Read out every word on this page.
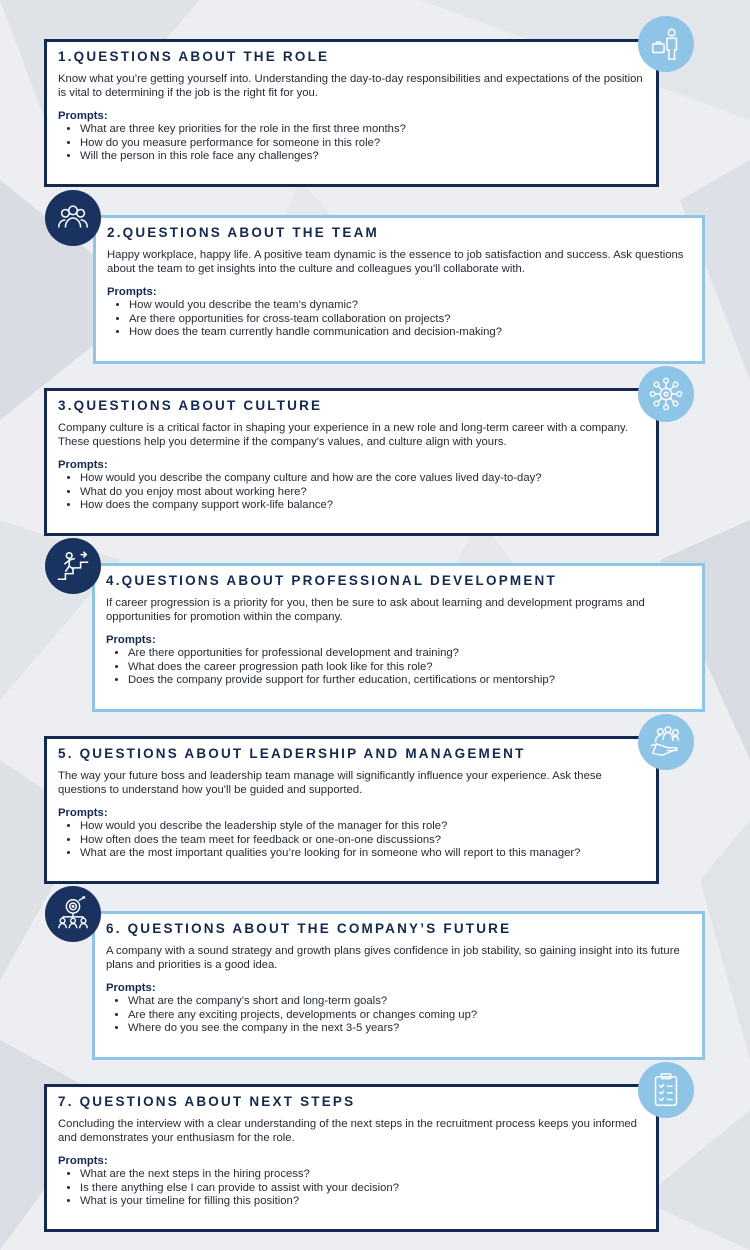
1.QUESTIONS ABOUT THE ROLE

Know what you’re getting yourself into. Understanding the day-to-day responsibilities and expectations of the position is vital to determining if the job is the right fit for you.

Prompts:
• What are three key priorities for the role in the first three months?
• How do you measure performance for someone in this role?
• Will the person in this role face any challenges?
2.QUESTIONS ABOUT THE TEAM

Happy workplace, happy life. A positive team dynamic is the essence to job satisfaction and success. Ask questions about the team to get insights into the culture and colleagues you'll collaborate with.

Prompts:
• How would you describe the team’s dynamic?
• Are there opportunities for cross-team collaboration on projects?
• How does the team currently handle communication and decision-making?
3.QUESTIONS ABOUT CULTURE

Company culture is a critical factor in shaping your experience in a new role and long-term career with a company. These questions help you determine if the company's values, and culture align with yours.

Prompts:
• How would you describe the company culture and how are the core values lived day-to-day?
• What do you enjoy most about working here?
• How does the company support work-life balance?
4.QUESTIONS ABOUT PROFESSIONAL DEVELOPMENT

If career progression is a priority for you, then be sure to ask about learning and development programs and opportunities for promotion within the company.

Prompts:
• Are there opportunities for professional development and training?
• What does the career progression path look like for this role?
• Does the company provide support for further education, certifications or mentorship?
5. QUESTIONS ABOUT LEADERSHIP AND MANAGEMENT

The way your future boss and leadership team manage will significantly influence your experience. Ask these questions to understand how you'll be guided and supported.

Prompts:
• How would you describe the leadership style of the manager for this role?
• How often does the team meet for feedback or one-on-one discussions?
• What are the most important qualities you’re looking for in someone who will report to this manager?
6. QUESTIONS ABOUT THE COMPANY’S FUTURE

A company with a sound strategy and growth plans gives confidence in job stability, so gaining insight into its future plans and priorities is a good idea.

Prompts:
• What are the company’s short and long-term goals?
• Are there any exciting projects, developments or changes coming up?
• Where do you see the company in the next 3-5 years?
7. QUESTIONS ABOUT NEXT STEPS

Concluding the interview with a clear understanding of the next steps in the recruitment process keeps you informed and demonstrates your enthusiasm for the role.

Prompts:
• What are the next steps in the hiring process?
• Is there anything else I can provide to assist with your decision?
• What is your timeline for filling this position?
